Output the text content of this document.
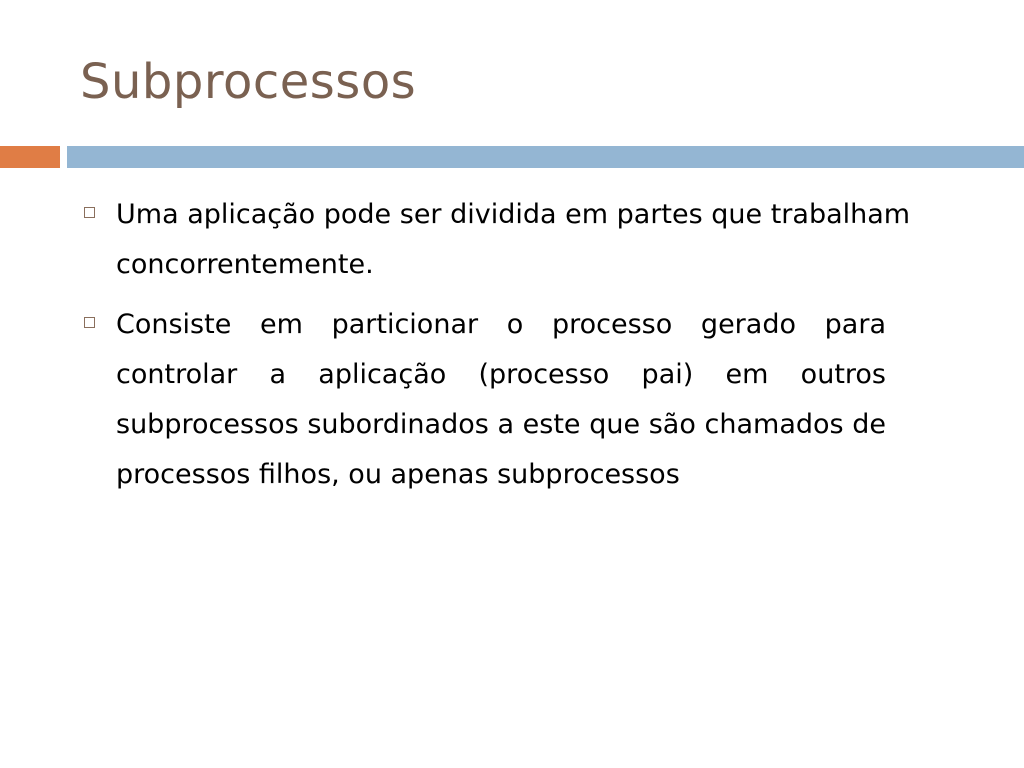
Subprocessos
Uma aplicação pode ser dividida em partes que trabalham concorrentemente.
Consiste em particionar o processo gerado para controlar a aplicação (processo pai) em outros subprocessos subordinados a este que são chamados de processos filhos, ou apenas subprocessos
